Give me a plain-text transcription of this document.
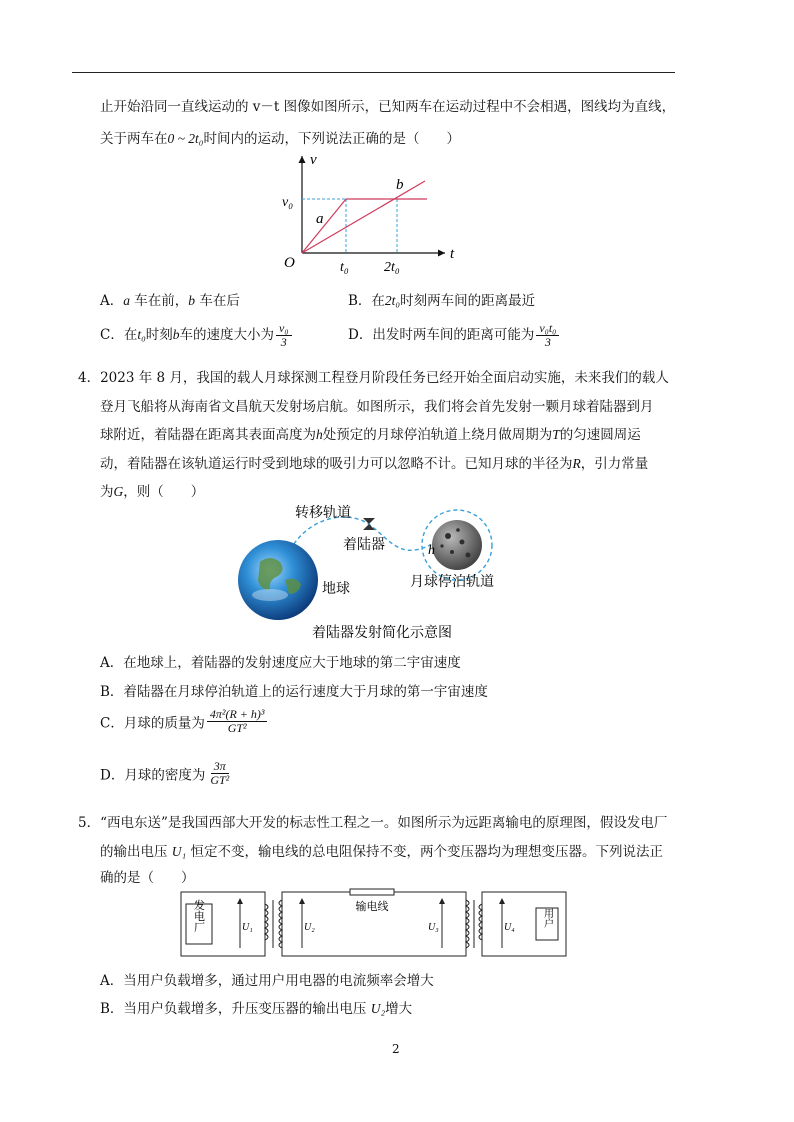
止开始沿同一直线运动的 v－t 图像如图所示，已知两车在运动过程中不会相遇，图线均为直线，
关于两车在0 ~ 2t₀时间内的运动，下列说法正确的是（　　）
v
t
O
v₀
t₀	2t₀
a
b
A．a 车在前，b 车在后	B．在2t₀时刻两车间的距离最近
C．在t₀时刻b车的速度大小为 $\frac{\text{v₀}}{3}$	D．出发时两车间的距离可能为 $\frac{\text{v₀t₀}}{3}$
4．2023 年 8 月，我国的载人月球探测工程登月阶段任务已经开始全面启动实施，未来我们的载人
登月飞船将从海南省文昌航天发射场启航。如图所示，我们将会首先发射一颗月球着陆器到月
球附近，着陆器在距离其表面高度为h处预定的月球停泊轨道上绕月做周期为T的匀速圆周运
动，着陆器在该轨道运行时受到地球的吸引力可以忽略不计。已知月球的半径为R，引力常量
为G，则（　　）
h
转移轨道
着陆器
地球	月球停泊轨道
着陆器发射简化示意图
A．在地球上，着陆器的发射速度应大于地球的第二宇宙速度
B．着陆器在月球停泊轨道上的运行速度大于月球的第一宇宙速度
C．月球的质量为 $\frac{\text{4π²(R + h)³}}{\text{GT²}}$
D．月球的密度为 $\frac{3\pi}{\text{GT²}}$
5．“西电东送”是我国西部大开发的标志性工程之一。如图所示为远距离输电的原理图，假设发电厂
的输出电压 U₁ 恒定不变，输电线的总电阻保持不变，两个变压器均为理想变压器。下列说法正
确的是（　　）
发电厂	U₁
输电线
U₂	U₃	U₄	用户
A．当用户负载增多，通过用户用电器的电流频率会增大
B．当用户负载增多，升压变压器的输出电压 U₂增大
2
